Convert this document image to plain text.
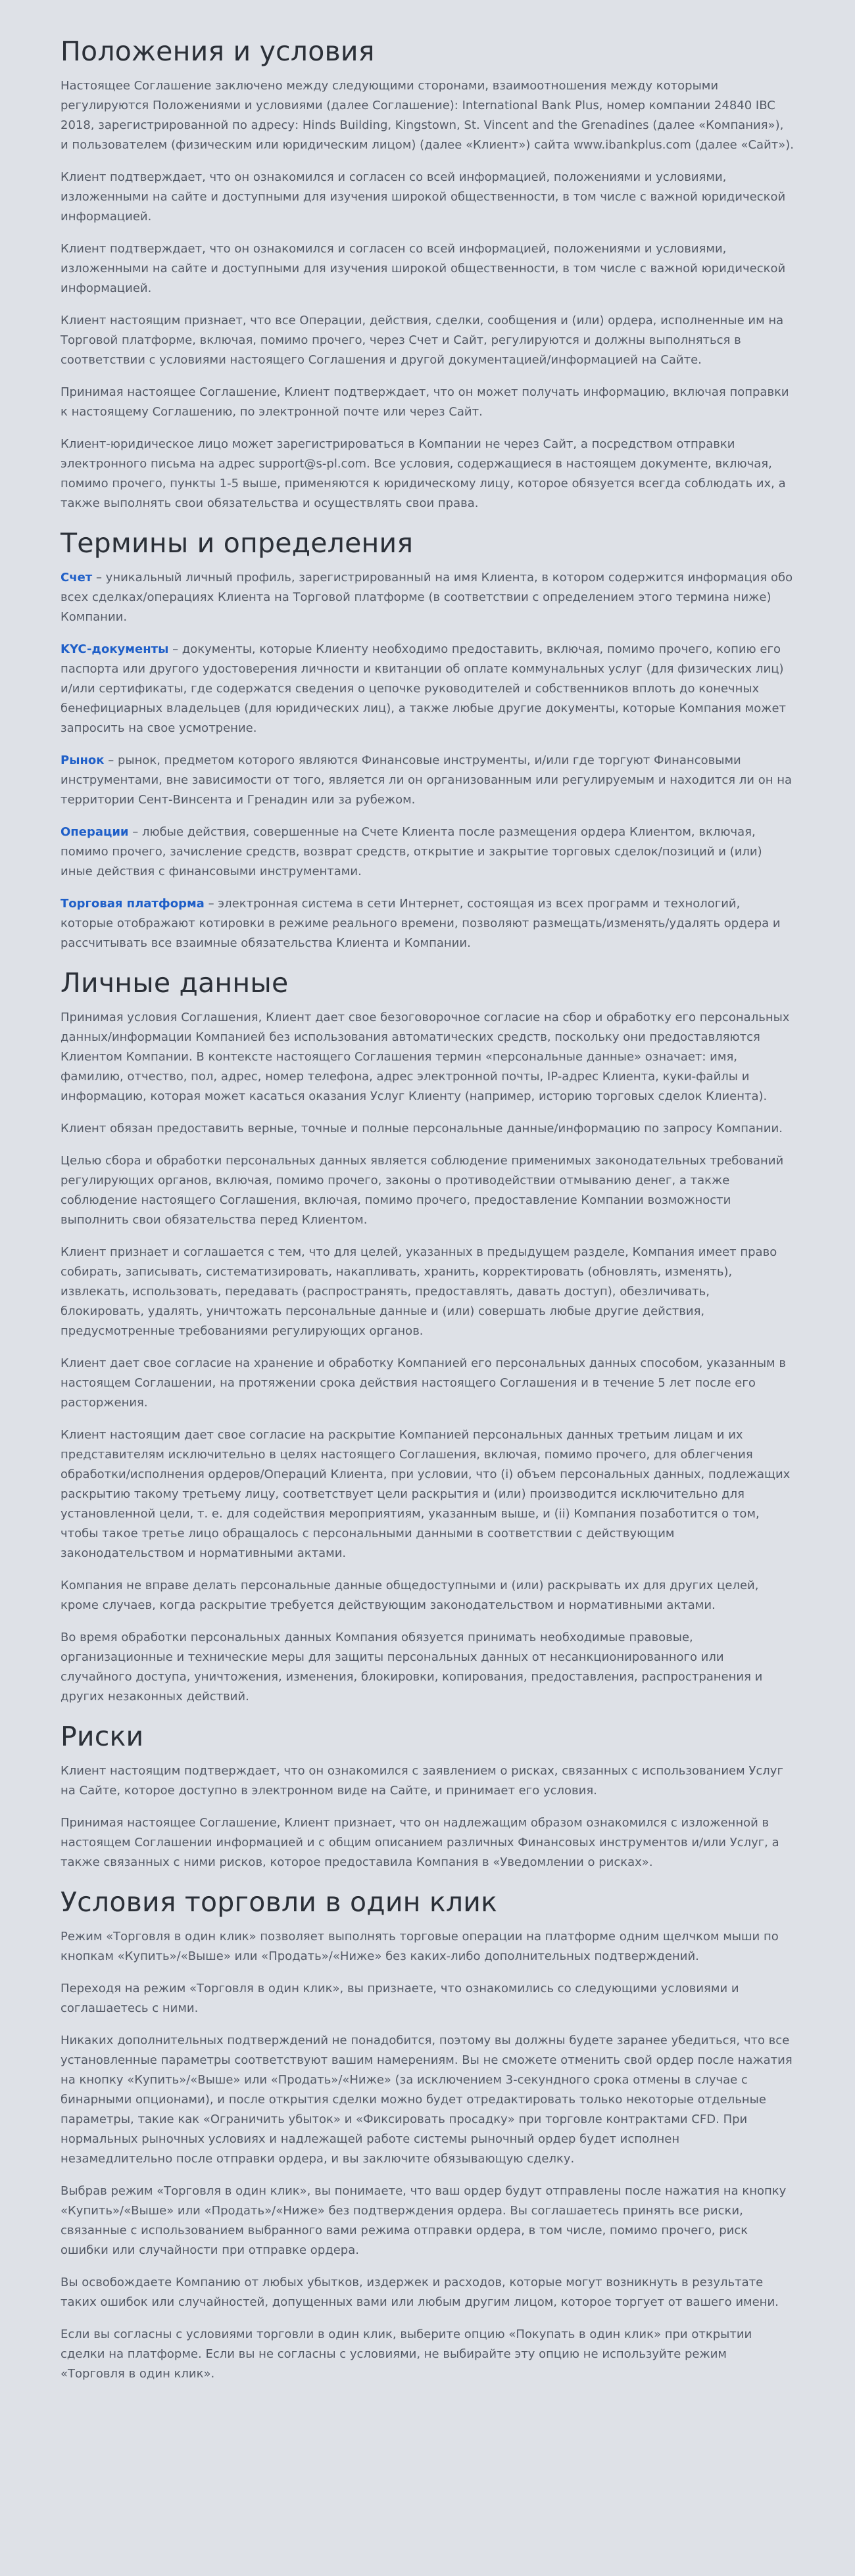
Положения и условия

Настоящее Соглашение заключено между следующими сторонами, взаимоотношения между которыми регулируются Положениями и условиями (далее Соглашение): International Bank Plus, номер компании 24840 IBC 2018, зарегистрированной по адресу: Hinds Building, Kingstown, St. Vincent and the Grenadines (далее «Компания»), и пользователем (физическим или юридическим лицом) (далее «Клиент») сайта www.ibankplus.com (далее «Сайт»).

Клиент подтверждает, что он ознакомился и согласен со всей информацией, положениями и условиями, изложенными на сайте и доступными для изучения широкой общественности, в том числе с важной юридической информацией.

Клиент подтверждает, что он ознакомился и согласен со всей информацией, положениями и условиями, изложенными на сайте и доступными для изучения широкой общественности, в том числе с важной юридической информацией.

Клиент настоящим признает, что все Операции, действия, сделки, сообщения и (или) ордера, исполненные им на Торговой платформе, включая, помимо прочего, через Счет и Сайт, регулируются и должны выполняться в соответствии с условиями настоящего Соглашения и другой документацией/информацией на Сайте.

Принимая настоящее Соглашение, Клиент подтверждает, что он может получать информацию, включая поправки к настоящему Соглашению, по электронной почте или через Сайт.

Клиент-юридическое лицо может зарегистрироваться в Компании не через Сайт, а посредством отправки электронного письма на адрес support@s-pl.com. Все условия, содержащиеся в настоящем документе, включая, помимо прочего, пункты 1-5 выше, применяются к юридическому лицу, которое обязуется всегда соблюдать их, а также выполнять свои обязательства и осуществлять свои права.

Термины и определения

Счет – уникальный личный профиль, зарегистрированный на имя Клиента, в котором содержится информация обо всех сделках/операциях Клиента на Торговой платформе (в соответствии с определением этого термина ниже) Компании.

KYC-документы – документы, которые Клиенту необходимо предоставить, включая, помимо прочего, копию его паспорта или другого удостоверения личности и квитанции об оплате коммунальных услуг (для физических лиц) и/или сертификаты, где содержатся сведения о цепочке руководителей и собственников вплоть до конечных бенефициарных владельцев (для юридических лиц), а также любые другие документы, которые Компания может запросить на свое усмотрение.

Рынок – рынок, предметом которого являются Финансовые инструменты, и/или где торгуют Финансовыми инструментами, вне зависимости от того, является ли он организованным или регулируемым и находится ли он на территории Сент-Винсента и Гренадин или за рубежом.

Операции – любые действия, совершенные на Счете Клиента после размещения ордера Клиентом, включая, помимо прочего, зачисление средств, возврат средств, открытие и закрытие торговых сделок/позиций и (или) иные действия с финансовыми инструментами.

Торговая платформа – электронная система в сети Интернет, состоящая из всех программ и технологий, которые отображают котировки в режиме реального времени, позволяют размещать/изменять/удалять ордера и рассчитывать все взаимные обязательства Клиента и Компании.

Личные данные

Принимая условия Соглашения, Клиент дает свое безоговорочное согласие на сбор и обработку его персональных данных/информации Компанией без использования автоматических средств, поскольку они предоставляются Клиентом Компании. В контексте настоящего Соглашения термин «персональные данные» означает: имя, фамилию, отчество, пол, адрес, номер телефона, адрес электронной почты, IP-адрес Клиента, куки-файлы и информацию, которая может касаться оказания Услуг Клиенту (например, историю торговых сделок Клиента).

Клиент обязан предоставить верные, точные и полные персональные данные/информацию по запросу Компании.

Целью сбора и обработки персональных данных является соблюдение применимых законодательных требований регулирующих органов, включая, помимо прочего, законы о противодействии отмыванию денег, а также соблюдение настоящего Соглашения, включая, помимо прочего, предоставление Компании возможности выполнить свои обязательства перед Клиентом.

Клиент признает и соглашается с тем, что для целей, указанных в предыдущем разделе, Компания имеет право собирать, записывать, систематизировать, накапливать, хранить, корректировать (обновлять, изменять), извлекать, использовать, передавать (распространять, предоставлять, давать доступ), обезличивать, блокировать, удалять, уничтожать персональные данные и (или) совершать любые другие действия, предусмотренные требованиями регулирующих органов.

Клиент дает свое согласие на хранение и обработку Компанией его персональных данных способом, указанным в настоящем Соглашении, на протяжении срока действия настоящего Соглашения и в течение 5 лет после его расторжения.

Клиент настоящим дает свое согласие на раскрытие Компанией персональных данных третьим лицам и их представителям исключительно в целях настоящего Соглашения, включая, помимо прочего, для облегчения обработки/исполнения ордеров/Операций Клиента, при условии, что (i) объем персональных данных, подлежащих раскрытию такому третьему лицу, соответствует цели раскрытия и (или) производится исключительно для установленной цели, т. е. для содействия мероприятиям, указанным выше, и (ii) Компания позаботится о том, чтобы такое третье лицо обращалось с персональными данными в соответствии с действующим законодательством и нормативными актами.

Компания не вправе делать персональные данные общедоступными и (или) раскрывать их для других целей, кроме случаев, когда раскрытие требуется действующим законодательством и нормативными актами.

Во время обработки персональных данных Компания обязуется принимать необходимые правовые, организационные и технические меры для защиты персональных данных от несанкционированного или случайного доступа, уничтожения, изменения, блокировки, копирования, предоставления, распространения и других незаконных действий.

Риски

Клиент настоящим подтверждает, что он ознакомился с заявлением о рисках, связанных с использованием Услуг на Сайте, которое доступно в электронном виде на Сайте, и принимает его условия.

Принимая настоящее Соглашение, Клиент признает, что он надлежащим образом ознакомился с изложенной в настоящем Соглашении информацией и с общим описанием различных Финансовых инструментов и/или Услуг, а также связанных с ними рисков, которое предоставила Компания в «Уведомлении о рисках».

Условия торговли в один клик

Режим «Торговля в один клик» позволяет выполнять торговые операции на платформе одним щелчком мыши по кнопкам «Купить»/«Выше» или «Продать»/«Ниже» без каких-либо дополнительных подтверждений.

Переходя на режим «Торговля в один клик», вы признаете, что ознакомились со следующими условиями и соглашаетесь с ними.

Никаких дополнительных подтверждений не понадобится, поэтому вы должны будете заранее убедиться, что все установленные параметры соответствуют вашим намерениям. Вы не сможете отменить свой ордер после нажатия на кнопку «Купить»/«Выше» или «Продать»/«Ниже» (за исключением 3-секундного срока отмены в случае с бинарными опционами), и после открытия сделки можно будет отредактировать только некоторые отдельные параметры, такие как «Ограничить убыток» и «Фиксировать просадку» при торговле контрактами CFD. При нормальных рыночных условиях и надлежащей работе системы рыночный ордер будет исполнен незамедлительно после отправки ордера, и вы заключите обязывающую сделку.

Выбрав режим «Торговля в один клик», вы понимаете, что ваш ордер будут отправлены после нажатия на кнопку «Купить»/«Выше» или «Продать»/«Ниже» без подтверждения ордера. Вы соглашаетесь принять все риски, связанные с использованием выбранного вами режима отправки ордера, в том числе, помимо прочего, риск ошибки или случайности при отправке ордера.

Вы освобождаете Компанию от любых убытков, издержек и расходов, которые могут возникнуть в результате таких ошибок или случайностей, допущенных вами или любым другим лицом, которое торгует от вашего имени.

Если вы согласны с условиями торговли в один клик, выберите опцию «Покупать в один клик» при открытии сделки на платформе. Если вы не согласны с условиями, не выбирайте эту опцию не используйте режим «Торговля в один клик».
